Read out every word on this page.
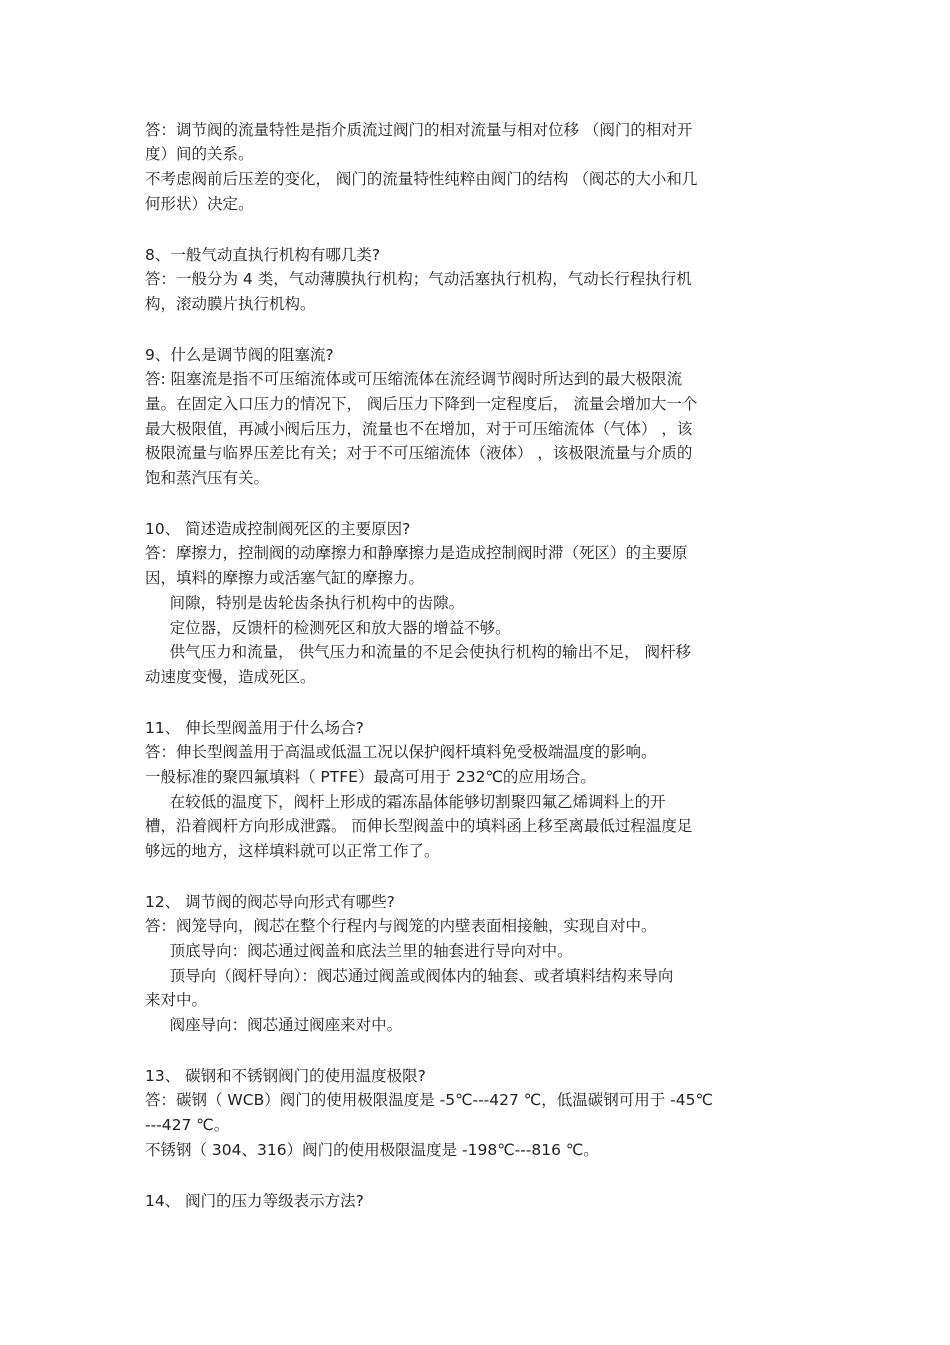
答：调节阀的流量特性是指介质流过阀门的相对流量与相对位移 （阀门的相对开
度）间的关系。
不考虑阀前后压差的变化， 阀门的流量特性纯粹由阀门的结构 （阀芯的大小和几
何形状）决定。
8、一般气动直执行机构有哪几类?
答：一般分为 4 类，气动薄膜执行机构；气动活塞执行机构，气动长行程执行机
构，滚动膜片执行机构。
9、什么是调节阀的阻塞流?
答: 阻塞流是指不可压缩流体或可压缩流体在流经调节阀时所达到的最大极限流
量。在固定入口压力的情况下， 阀后压力下降到一定程度后， 流量会增加大一个
最大极限值，再减小阀后压力，流量也不在增加，对于可压缩流体（气体） ，该
极限流量与临界压差比有关；对于不可压缩流体（液体） ，该极限流量与介质的
饱和蒸汽压有关。
10、 简述造成控制阀死区的主要原因?
答：摩擦力，控制阀的动摩擦力和静摩擦力是造成控制阀时滞（死区）的主要原
因，填料的摩擦力或活塞气缸的摩擦力。
间隙，特别是齿轮齿条执行机构中的齿隙。
定位器，反馈杆的检测死区和放大器的增益不够。
供气压力和流量， 供气压力和流量的不足会使执行机构的输出不足， 阀杆移
动速度变慢，造成死区。
11、 伸长型阀盖用于什么场合?
答：伸长型阀盖用于高温或低温工况以保护阀杆填料免受极端温度的影响。
一般标准的聚四氟填料（ PTFE）最高可用于 232℃的应用场合。
在较低的温度下，阀杆上形成的霜冻晶体能够切割聚四氟乙烯调料上的开
槽，沿着阀杆方向形成泄露。 而伸长型阀盖中的填料函上移至离最低过程温度足
够远的地方，这样填料就可以正常工作了。
12、 调节阀的阀芯导向形式有哪些?
答：阀笼导向，阀芯在整个行程内与阀笼的内壁表面相接触，实现自对中。
顶底导向：阀芯通过阀盖和底法兰里的轴套进行导向对中。
顶导向（阀杆导向）：阀芯通过阀盖或阀体内的轴套、或者填料结构来导向
来对中。
阀座导向：阀芯通过阀座来对中。
13、 碳钢和不锈钢阀门的使用温度极限?
答：碳钢（ WCB）阀门的使用极限温度是 -5℃---427 ℃，低温碳钢可用于 -45℃
---427 ℃。
不锈钢（ 304、316）阀门的使用极限温度是 -198℃---816 ℃。
14、 阀门的压力等级表示方法?
